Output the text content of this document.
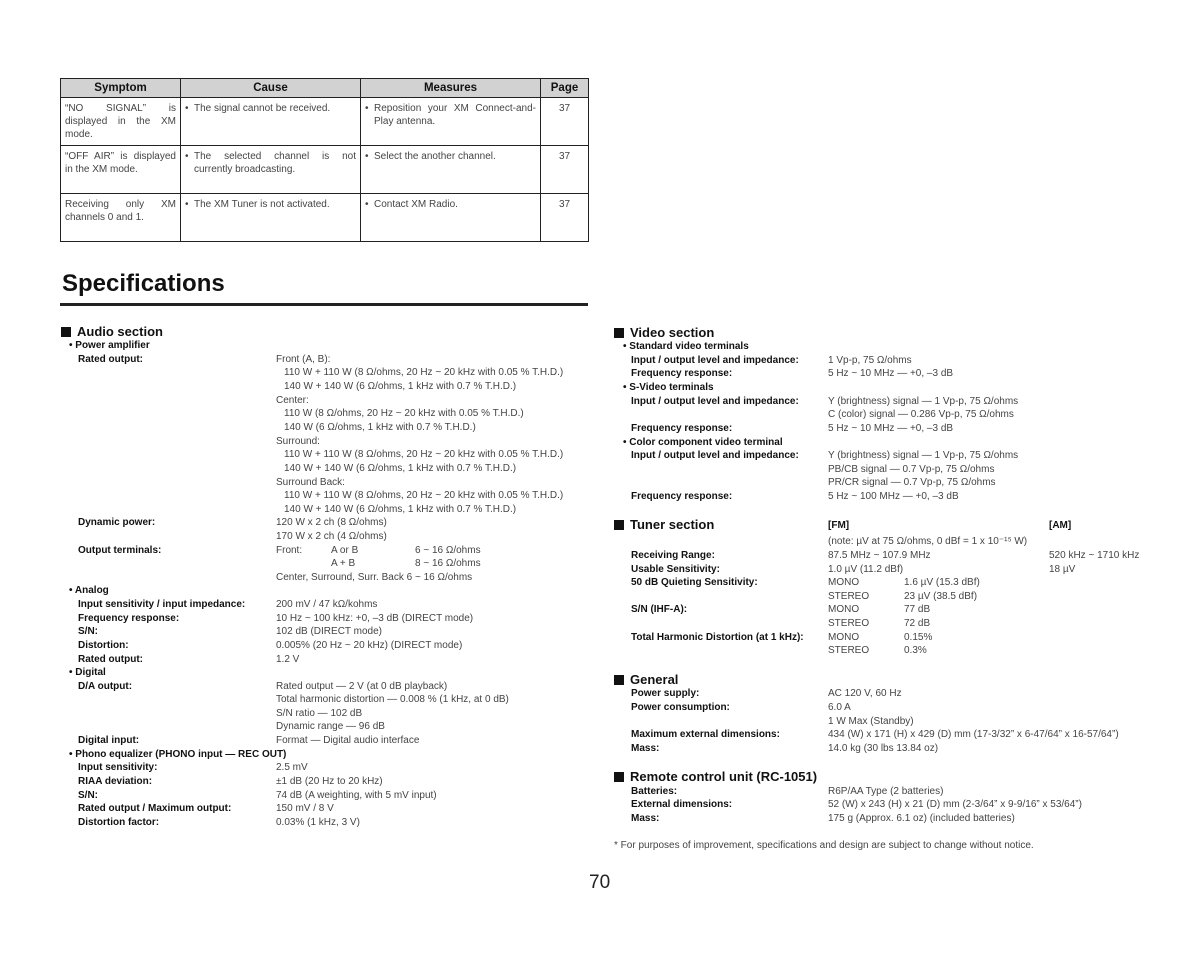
Symptom	Cause	Measures	Page
“NO SIGNAL” is displayed in the XM mode.	• The signal cannot be received.	• Reposition your XM Connect-and-Play antenna.	37
“OFF AIR” is displayed in the XM mode.	• The selected channel is not currently broadcasting.	• Select the another channel.	37
Receiving only XM channels 0 and 1.	• The XM Tuner is not activated.	• Contact XM Radio.	37
Specifications
Audio section
• Power amplifier
Rated output:	Front (A, B):
110 W + 110 W (8 Ω/ohms, 20 Hz ~ 20 kHz with 0.05 % T.H.D.)
140 W + 140 W (6 Ω/ohms, 1 kHz with 0.7 % T.H.D.)
Center:
110 W (8 Ω/ohms, 20 Hz ~ 20 kHz with 0.05 % T.H.D.)
140 W (6 Ω/ohms, 1 kHz with 0.7 % T.H.D.)
Surround:
110 W + 110 W (8 Ω/ohms, 20 Hz ~ 20 kHz with 0.05 % T.H.D.)
140 W + 140 W (6 Ω/ohms, 1 kHz with 0.7 % T.H.D.)
Surround Back:
110 W + 110 W (8 Ω/ohms, 20 Hz ~ 20 kHz with 0.05 % T.H.D.)
140 W + 140 W (6 Ω/ohms, 1 kHz with 0.7 % T.H.D.)
Dynamic power:	120 W x 2 ch (8 Ω/ohms)
170 W x 2 ch (4 Ω/ohms)
Output terminals:	Front:	A or B	6 ~ 16 Ω/ohms
A + B	8 ~ 16 Ω/ohms
Center, Surround, Surr. Back 6 ~ 16 Ω/ohms
• Analog
Input sensitivity / input impedance:	200 mV / 47 kΩ/kohms
Frequency response:	10 Hz ~ 100 kHz: +0, –3 dB (DIRECT mode)
S/N:	102 dB (DIRECT mode)
Distortion:	0.005% (20 Hz ~ 20 kHz) (DIRECT mode)
Rated output:	1.2 V
• Digital
D/A output:	Rated output — 2 V (at 0 dB playback)
Total harmonic distortion — 0.008 % (1 kHz, at 0 dB)
S/N ratio — 102 dB
Dynamic range — 96 dB
Digital input:	Format — Digital audio interface
• Phono equalizer (PHONO input — REC OUT)
Input sensitivity:	2.5 mV
RIAA deviation:	±1 dB (20 Hz to 20 kHz)
S/N:	74 dB (A weighting, with 5 mV input)
Rated output / Maximum output:	150 mV / 8 V
Distortion factor:	0.03% (1 kHz, 3 V)
Video section
• Standard video terminals
Input / output level and impedance:	1 Vp-p, 75 Ω/ohms
Frequency response:	5 Hz ~ 10 MHz — +0, –3 dB
• S-Video terminals
Input / output level and impedance:	Y (brightness) signal — 1 Vp-p, 75 Ω/ohms
C (color) signal — 0.286 Vp-p, 75 Ω/ohms
Frequency response:	5 Hz ~ 10 MHz — +0, –3 dB
• Color component video terminal
Input / output level and impedance:	Y (brightness) signal — 1 Vp-p, 75 Ω/ohms
PB/CB signal — 0.7 Vp-p, 75 Ω/ohms
PR/CR signal — 0.7 Vp-p, 75 Ω/ohms
Frequency response:	5 Hz ~ 100 MHz — +0, –3 dB
Tuner section	[FM]	[AM]
(note: µV at 75 Ω/ohms, 0 dBf = 1 x 10⁻¹⁵ W)
Receiving Range:	87.5 MHz ~ 107.9 MHz	520 kHz ~ 1710 kHz
Usable Sensitivity:	1.0 µV (11.2 dBf)	18 µV
50 dB Quieting Sensitivity:	MONO	1.6 µV (15.3 dBf)
STEREO	23 µV (38.5 dBf)
S/N (IHF-A):	MONO	77 dB
STEREO	72 dB
Total Harmonic Distortion (at 1 kHz): MONO	0.15%
STEREO	0.3%
General
Power supply:	AC 120 V, 60 Hz
Power consumption:	6.0 A
1 W Max (Standby)
Maximum external dimensions:	434 (W) x 171 (H) x 429 (D) mm (17-3/32” x 6-47/64” x 16-57/64”)
Mass:	14.0 kg (30 lbs 13.84 oz)
Remote control unit (RC-1051)
Batteries:	R6P/AA Type (2 batteries)
External dimensions:	52 (W) x 243 (H) x 21 (D) mm (2-3/64” x 9-9/16” x 53/64”)
Mass:	175 g (Approx. 6.1 oz) (included batteries)
* For purposes of improvement, specifications and design are subject to change without notice.
70
